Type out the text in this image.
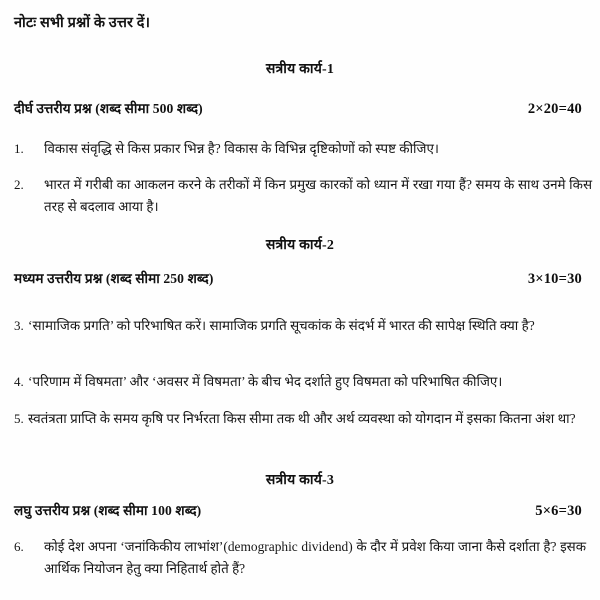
नोटः सभी प्रश्नों के उत्तर दें।
सत्रीय कार्य-1
दीर्घ उत्तरीय प्रश्न (शब्द सीमा 500 शब्द)	2×20=40
1.	विकास संवृद्धि से किस प्रकार भिन्न है? विकास के विभिन्न दृष्टिकोणों को स्पष्ट कीजिए।
2.	भारत में गरीबी का आकलन करने के तरीकों में किन प्रमुख कारकों को ध्यान में रखा गया हैं? समय के साथ उनमे किस तरह से बदलाव आया है।
सत्रीय कार्य-2
मध्यम उत्तरीय प्रश्न (शब्द सीमा 250 शब्द)	3×10=30
3. ‘सामाजिक प्रगति’ को परिभाषित करें। सामाजिक प्रगति सूचकांक के संदर्भ में भारत की सापेक्ष स्थिति क्या है?
4. ‘परिणाम में विषमता’ और ‘अवसर में विषमता’ के बीच भेद दर्शाते हुए विषमता को परिभाषित कीजिए।
5. स्वतंत्रता प्राप्ति के समय कृषि पर निर्भरता किस सीमा तक थी और अर्थ व्यवस्था को योगदान में इसका कितना अंश था?
सत्रीय कार्य-3
लघु उत्तरीय प्रश्न (शब्द सीमा 100 शब्द)	5×6=30
6.	कोई देश अपना ‘जनांकिकीय लाभांश’(demographic dividend) के दौर में प्रवेश किया जाना कैसे दर्शाता है? इसक आर्थिक नियोजन हेतु क्या निहितार्थ होते हैं?
